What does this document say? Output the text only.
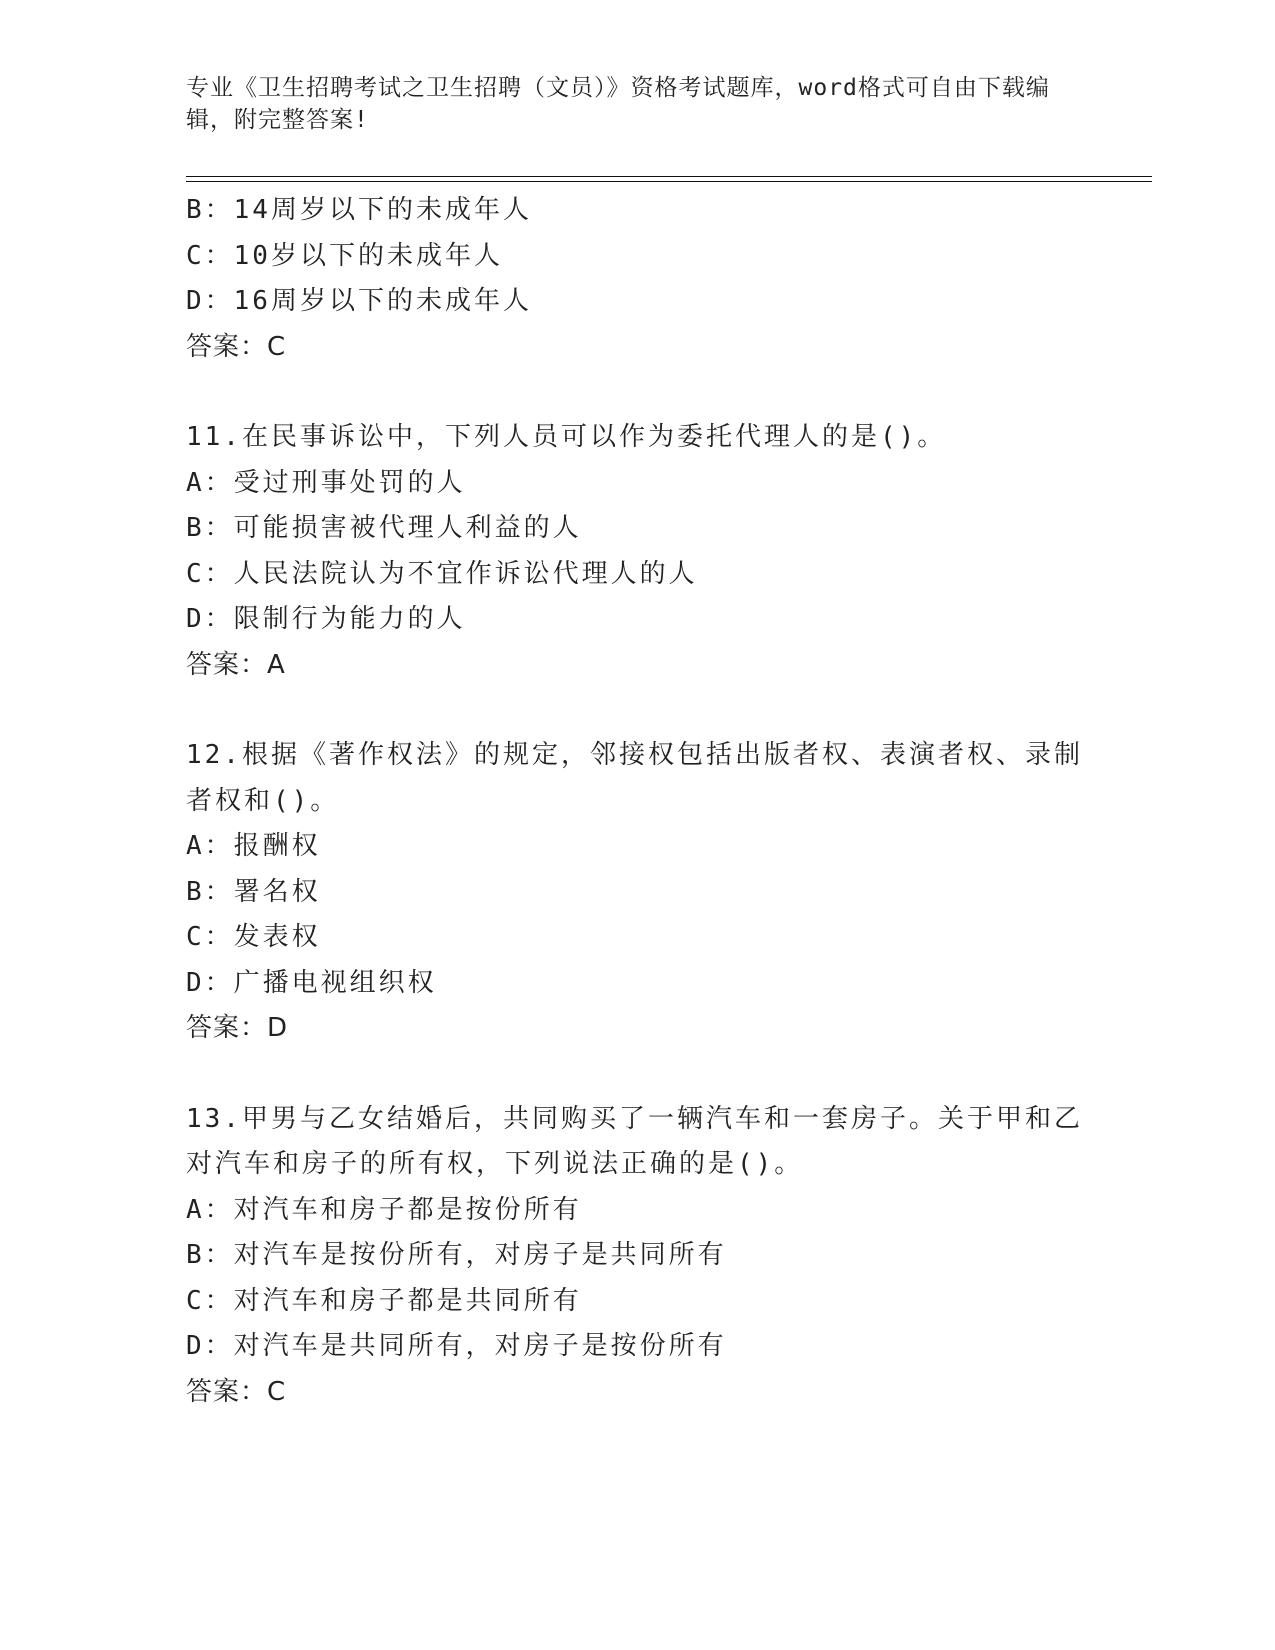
专业《卫生招聘考试之卫生招聘（文员）》资格考试题库，word格式可自由下载编辑，附完整答案!
B：14周岁以下的未成年人
C：10岁以下的未成年人
D：16周岁以下的未成年人
答案：C
11.在民事诉讼中，下列人员可以作为委托代理人的是()。
A：受过刑事处罚的人
B：可能损害被代理人利益的人
C：人民法院认为不宜作诉讼代理人的人
D：限制行为能力的人
答案：A
12.根据《著作权法》的规定，邻接权包括出版者权、表演者权、录制
者权和()。
A：报酬权
B：署名权
C：发表权
D：广播电视组织权
答案：D
13.甲男与乙女结婚后，共同购买了一辆汽车和一套房子。关于甲和乙
对汽车和房子的所有权，下列说法正确的是()。
A：对汽车和房子都是按份所有
B：对汽车是按份所有，对房子是共同所有
C：对汽车和房子都是共同所有
D：对汽车是共同所有，对房子是按份所有
答案：C
